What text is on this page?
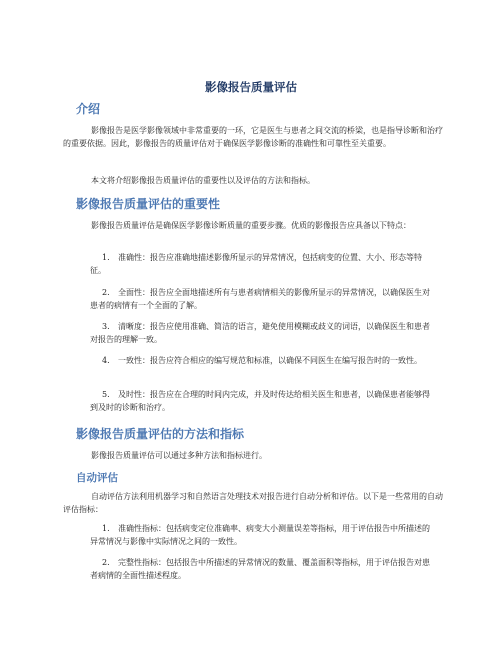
影像报告质量评估
介绍
影像报告是医学影像领域中非常重要的一环，它是医生与患者之间交流的桥梁，也是指导诊断和治疗的重要依据。因此，影像报告的质量评估对于确保医学影像诊断的准确性和可靠性至关重要。
本文将介绍影像报告质量评估的重要性以及评估的方法和指标。
影像报告质量评估的重要性
影像报告质量评估是确保医学影像诊断质量的重要步骤。优质的影像报告应具备以下特点：
1. 准确性：报告应准确地描述影像所显示的异常情况，包括病变的位置、大小、形态等特征。
2. 全面性：报告应全面地描述所有与患者病情相关的影像所显示的异常情况，以确保医生对患者的病情有一个全面的了解。
3. 清晰度：报告应使用准确、简洁的语言，避免使用模糊或歧义的词语，以确保医生和患者对报告的理解一致。
4. 一致性：报告应符合相应的编写规范和标准，以确保不同医生在编写报告时的一致性。
5. 及时性：报告应在合理的时间内完成，并及时传达给相关医生和患者，以确保患者能够得到及时的诊断和治疗。
影像报告质量评估的方法和指标
影像报告质量评估可以通过多种方法和指标进行。
自动评估
自动评估方法利用机器学习和自然语言处理技术对报告进行自动分析和评估。以下是一些常用的自动评估指标：
1. 准确性指标：包括病变定位准确率、病变大小测量误差等指标，用于评估报告中所描述的异常情况与影像中实际情况之间的一致性。
2. 完整性指标：包括报告中所描述的异常情况的数量、覆盖面积等指标，用于评估报告对患者病情的全面性描述程度。
